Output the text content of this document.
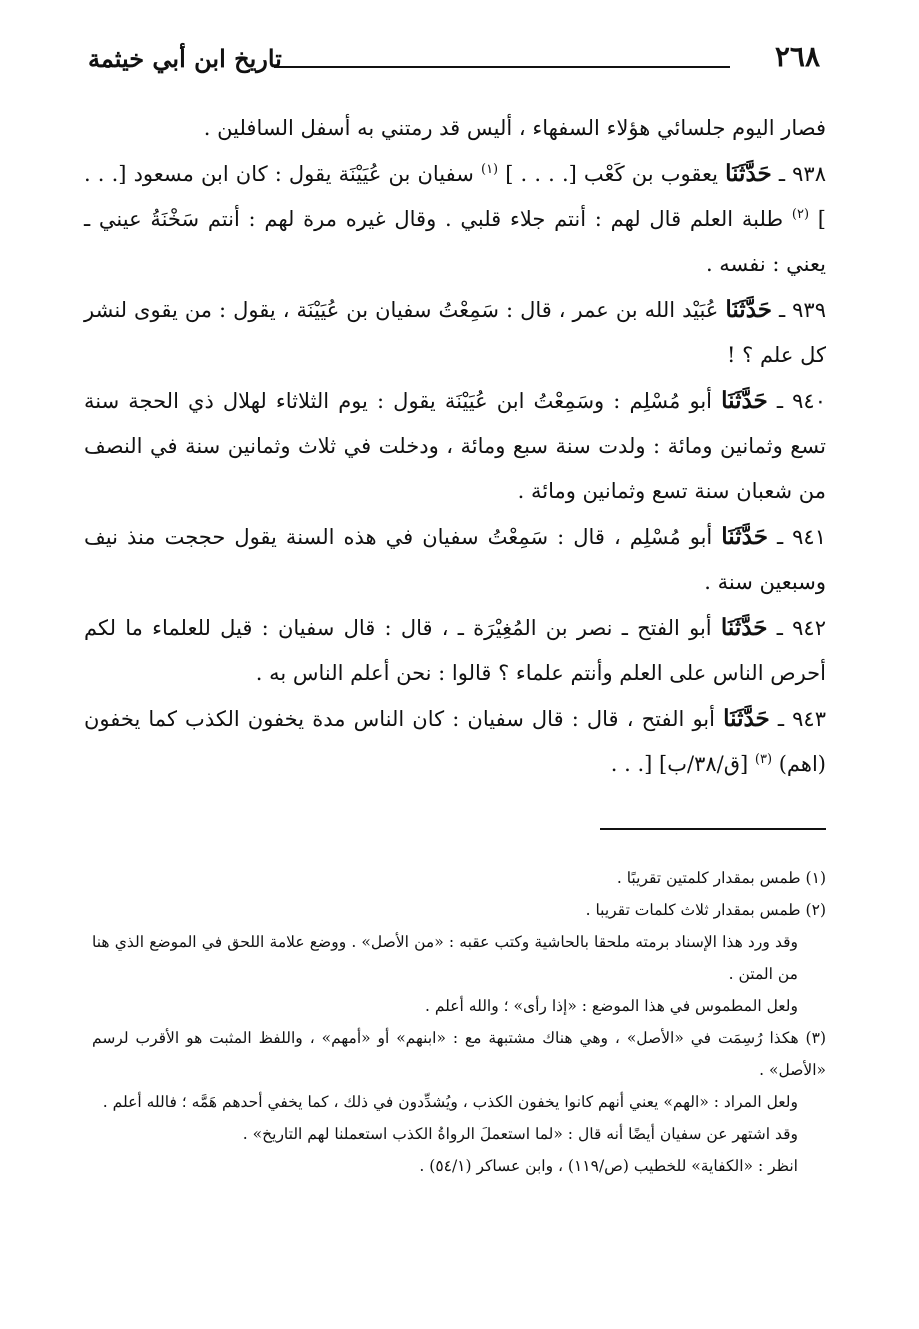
٢٦٨
تاريخ ابن أبي خيثمة

فصار اليوم جلسائي هؤلاء السفهاء ، أليس قد رمتني به أسفل السافلين .

٩٣٨ ـ حَدَّثَنَا يعقوب بن كَعْب [. . . . ] $^{(١)}$ سفيان بن عُيَيْنَة يقول : كان ابن مسعود [. . . ] $^{(٢)}$ طلبة العلم قال لهم : أنتم جلاء قلبي . وقال غيره مرة لهم : أنتم سَخْنَةُ عيني ـ يعني : نفسه .

٩٣٩ ـ حَدَّثَنَا عُبَيْد الله بن عمر ، قال : سَمِعْتُ سفيان بن عُيَيْنَة ، يقول : من يقوى لنشر كل علم ؟ !

٩٤٠ ـ حَدَّثَنَا أبو مُسْلِم : وسَمِعْتُ ابن عُيَيْنَة يقول : يوم الثلاثاء لهلال ذي الحجة سنة تسع وثمانين ومائة : ولدت سنة سبع ومائة ، ودخلت في ثلاث وثمانين سنة في النصف من شعبان سنة تسع وثمانين ومائة .

٩٤١ ـ حَدَّثَنَا أبو مُسْلِم ، قال : سَمِعْتُ سفيان في هذه السنة يقول حججت منذ نيف وسبعين سنة .

٩٤٢ ـ حَدَّثَنَا أبو الفتح ـ نصر بن المُغِيْرَة ـ ، قال : قال سفيان : قيل للعلماء ما لكم أحرص الناس على العلم وأنتم علماء ؟ قالوا : نحن أعلم الناس به .

٩٤٣ ـ حَدَّثَنَا أبو الفتح ، قال : قال سفيان : كان الناس مدة يخفون الكذب كما يخفون (اهم) $^{(٣)}$ [ق/٣٨/ب] [. . .

(١) طمس بمقدار كلمتين تقريبًا .

(٢) طمس بمقدار ثلاث كلمات تقريبا .

وقد ورد هذا الإسناد برمته ملحقا بالحاشية وكتب عقبه : «من الأصل» . ووضع علامة اللحق في الموضع الذي هنا من المتن .

ولعل المطموس في هذا الموضع : «إذا رأى» ؛ والله أعلم .

(٣) هكذا رُسِمَت في «الأصل» ، وهي هناك مشتبهة مع : «ابنهم» أو «أمهم» ، واللفظ المثبت هو الأقرب لرسم «الأصل» .

ولعل المراد : «الهم» يعني أنهم كانوا يخفون الكذب ، ويُشدِّدون في ذلك ، كما يخفي أحدهم هَمَّه ؛ فالله أعلم .

وقد اشتهر عن سفيان أيضًا أنه قال : «لما استعملَ الرواةُ الكذب استعملنا لهم التاريخ» .

انظر : «الكفاية» للخطيب (ص/١١٩) ، وابن عساكر (٥٤/١) .
